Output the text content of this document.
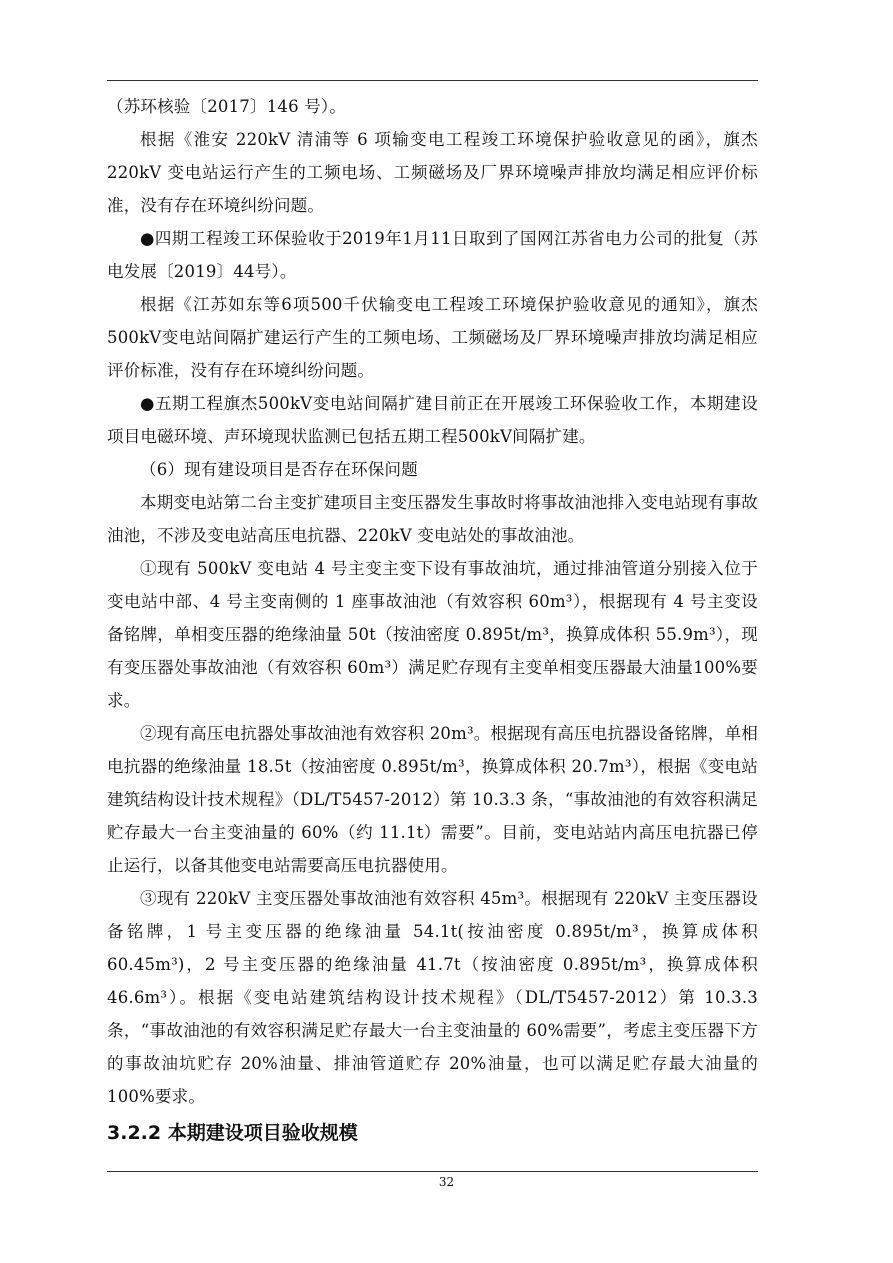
（苏环核验〔2017〕146 号）。

根据《淮安 220kV 清浦等 6 项输变电工程竣工环境保护验收意见的函》，旗杰 220kV 变电站运行产生的工频电场、工频磁场及厂界环境噪声排放均满足相应评价标准，没有存在环境纠纷问题。

●四期工程竣工环保验收于2019年1月11日取到了国网江苏省电力公司的批复（苏电发展〔2019〕44号）。

根据《江苏如东等6项500千伏输变电工程竣工环境保护验收意见的通知》，旗杰500kV变电站间隔扩建运行产生的工频电场、工频磁场及厂界环境噪声排放均满足相应评价标准，没有存在环境纠纷问题。

●五期工程旗杰500kV变电站间隔扩建目前正在开展竣工环保验收工作，本期建设项目电磁环境、声环境现状监测已包括五期工程500kV间隔扩建。

（6）现有建设项目是否存在环保问题

本期变电站第二台主变扩建项目主变压器发生事故时将事故油池排入变电站现有事故油池，不涉及变电站高压电抗器、220kV 变电站处的事故油池。

①现有 500kV 变电站 4 号主变主变下设有事故油坑，通过排油管道分别接入位于变电站中部、4 号主变南侧的 1 座事故油池（有效容积 60m³），根据现有 4 号主变设备铭牌，单相变压器的绝缘油量 50t（按油密度 0.895t/m³，换算成体积 55.9m³），现有变压器处事故油池（有效容积 60m³）满足贮存现有主变单相变压器最大油量100%要求。

②现有高压电抗器处事故油池有效容积 20m³。根据现有高压电抗器设备铭牌，单相电抗器的绝缘油量 18.5t（按油密度 0.895t/m³，换算成体积 20.7m³），根据《变电站建筑结构设计技术规程》（DL/T5457-2012）第 10.3.3 条，“事故油池的有效容积满足贮存最大一台主变油量的 60%（约 11.1t）需要”。目前，变电站站内高压电抗器已停止运行，以备其他变电站需要高压电抗器使用。

③现有 220kV 主变压器处事故油池有效容积 45m³。根据现有 220kV 主变压器设备铭牌，1 号主变压器的绝缘油量 54.1t(按油密度 0.895t/m³，换算成体积 60.45m³)，2 号主变压器的绝缘油量 41.7t（按油密度 0.895t/m³，换算成体积 46.6m³）。根据《变电站建筑结构设计技术规程》（DL/T5457-2012）第 10.3.3 条，“事故油池的有效容积满足贮存最大一台主变油量的 60%需要”，考虑主变压器下方的事故油坑贮存 20%油量、排油管道贮存 20%油量，也可以满足贮存最大油量的 100%要求。

3.2.2 本期建设项目验收规模
32
